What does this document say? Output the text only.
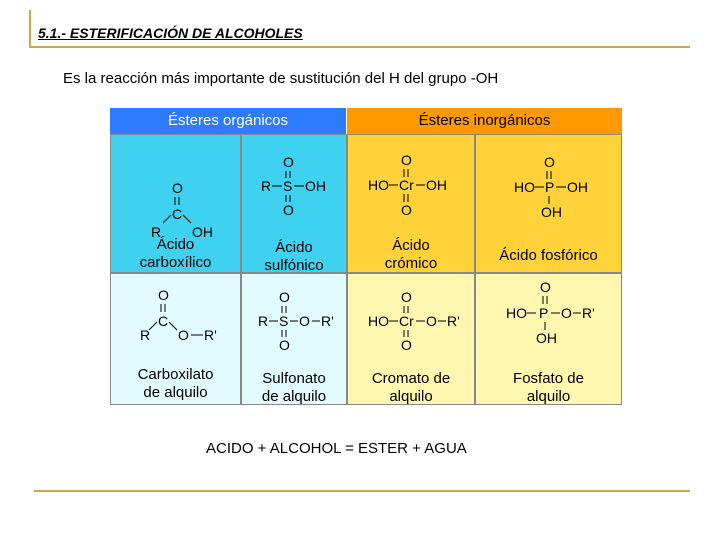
5.1.- ESTERIFICACIÓN DE ALCOHOLES
Es la reacción más importante de sustitución del H del grupo -OH
Ésteres orgánicos	Ésteres inorgánicos
O
C
R OH
Ácido
carboxílico
O
R S OH
O
Ácido
sulfónico
O
HO Cr OH
O
Ácido
crómico
O
HO P OH
OH
Ácido fosfórico
O
C
R O R'
Carboxilato
de alquilo
O
R S O R'
O
Sulfonato
de alquilo
O
HO Cr O R'
O
Cromato de
alquilo
O
HO P O R'
OH
Fosfato de
alquilo
ACIDO + ALCOHOL = ESTER + AGUA
